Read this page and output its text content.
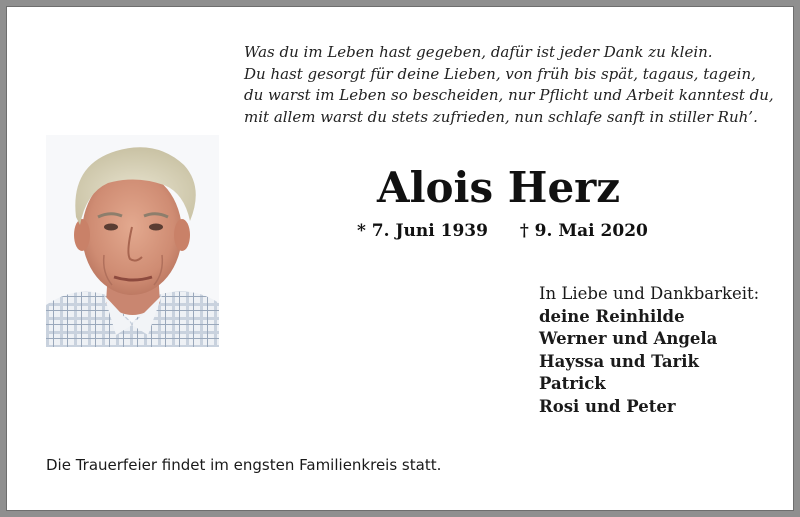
Was du im Leben hast gegeben, dafür ist jeder Dank zu klein.
Du hast gesorgt für deine Lieben, von früh bis spät, tagaus, tagein,
du warst im Leben so bescheiden, nur Pflicht und Arbeit kanntest du,
mit allem warst du stets zufrieden, nun schlafe sanft in stiller Ruh’.
Alois Herz
* 7. Juni 1939 † 9. Mai 2020
In Liebe und Dankbarkeit:
deine Reinhilde
Werner und Angela
Hayssa und Tarik
Patrick
Rosi und Peter
Die Trauerfeier findet im engsten Familienkreis statt.
